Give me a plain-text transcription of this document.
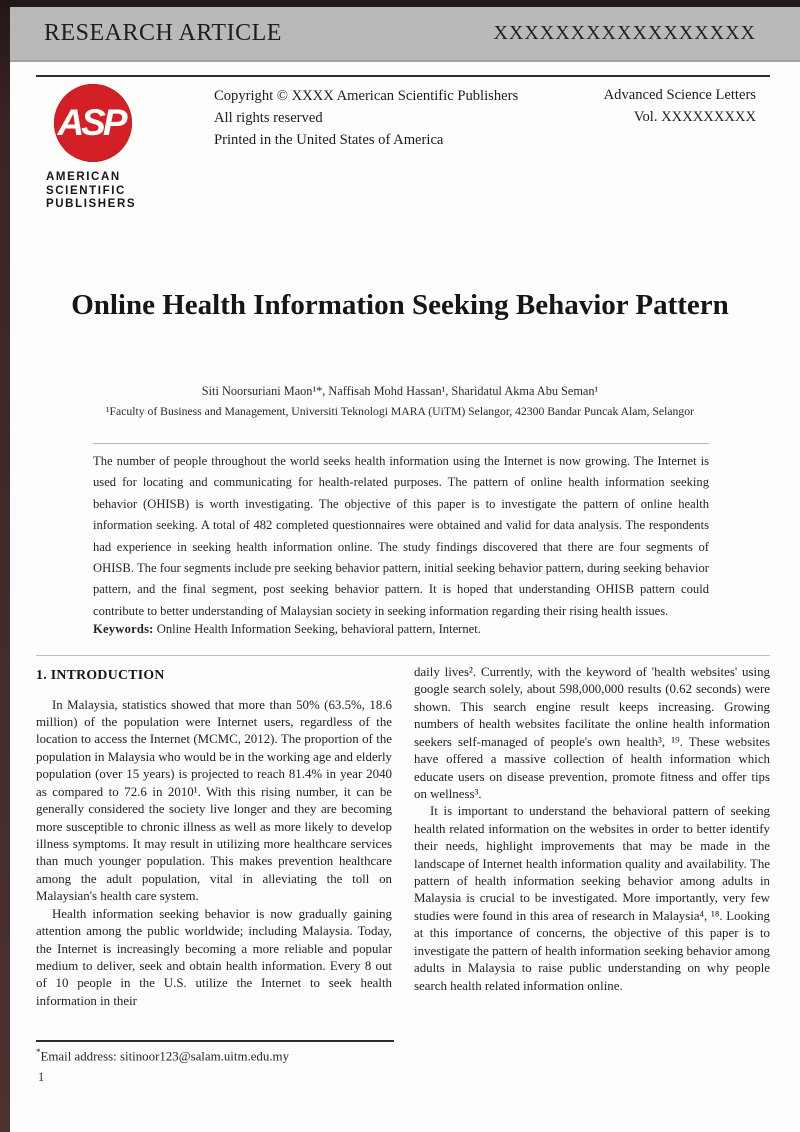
RESEARCH ARTICLE	XXXXXXXXXXXXXXXXX
ASP
AMERICAN
SCIENTIFIC
PUBLISHERS
Copyright © XXXX American Scientific Publishers
All rights reserved
Printed in the United States of America
Advanced Science Letters
Vol. XXXXXXXXX
Online Health Information Seeking Behavior Pattern
Siti Noorsuriani Maon¹*, Naffisah Mohd Hassan¹, Sharidatul Akma Abu Seman¹
¹Faculty of Business and Management, Universiti Teknologi MARA (UiTM) Selangor, 42300 Bandar Puncak Alam, Selangor
The number of people throughout the world seeks health information using the Internet is now growing. The Internet is used for locating and communicating for health-related purposes. The pattern of online health information seeking behavior (OHISB) is worth investigating. The objective of this paper is to investigate the pattern of online health information seeking. A total of 482 completed questionnaires were obtained and valid for data analysis. The respondents had experience in seeking health information online. The study findings discovered that there are four segments of OHISB. The four segments include pre seeking behavior pattern, initial seeking behavior pattern, during seeking behavior pattern, and the final segment, post seeking behavior pattern. It is hoped that understanding OHISB pattern could contribute to better understanding of Malaysian society in seeking information regarding their rising health issues.
Keywords: Online Health Information Seeking, behavioral pattern, Internet.
1. INTRODUCTION

In Malaysia, statistics showed that more than 50% (63.5%, 18.6 million) of the population were Internet users, regardless of the location to access the Internet (MCMC, 2012). The proportion of the population in Malaysia who would be in the working age and elderly population (over 15 years) is projected to reach 81.4% in year 2040 as compared to 72.6 in 2010¹. With this rising number, it can be generally considered the society live longer and they are becoming more susceptible to chronic illness as well as more likely to develop illness symptoms. It may result in utilizing more healthcare services than much younger population. This makes prevention healthcare among the adult population, vital in alleviating the toll on Malaysian's health care system.

Health information seeking behavior is now gradually gaining attention among the public worldwide; including Malaysia. Today, the Internet is increasingly becoming a more reliable and popular medium to deliver, seek and obtain health information. Every 8 out of 10 people in the U.S. utilize the Internet to seek health information in their

daily lives². Currently, with the keyword of 'health websites' using google search solely, about 598,000,000 results (0.62 seconds) were shown. This search engine result keeps increasing. Growing numbers of health websites facilitate the online health information seekers self-managed of people's own health³, ¹⁹. These websites have offered a massive collection of health information which educate users on disease prevention, promote fitness and offer tips on wellness³.

It is important to understand the behavioral pattern of seeking health related information on the websites in order to better identify their needs, highlight improvements that may be made in the landscape of Internet health information quality and availability. The pattern of health information seeking behavior among adults in Malaysia is crucial to be investigated. More importantly, very few studies were found in this area of research in Malaysia⁴, ¹⁸. Looking at this importance of concerns, the objective of this paper is to investigate the pattern of health information seeking behavior among adults in Malaysia to raise public understanding on why people search health related information online.

*Email address: sitinoor123@salam.uitm.edu.my
1
